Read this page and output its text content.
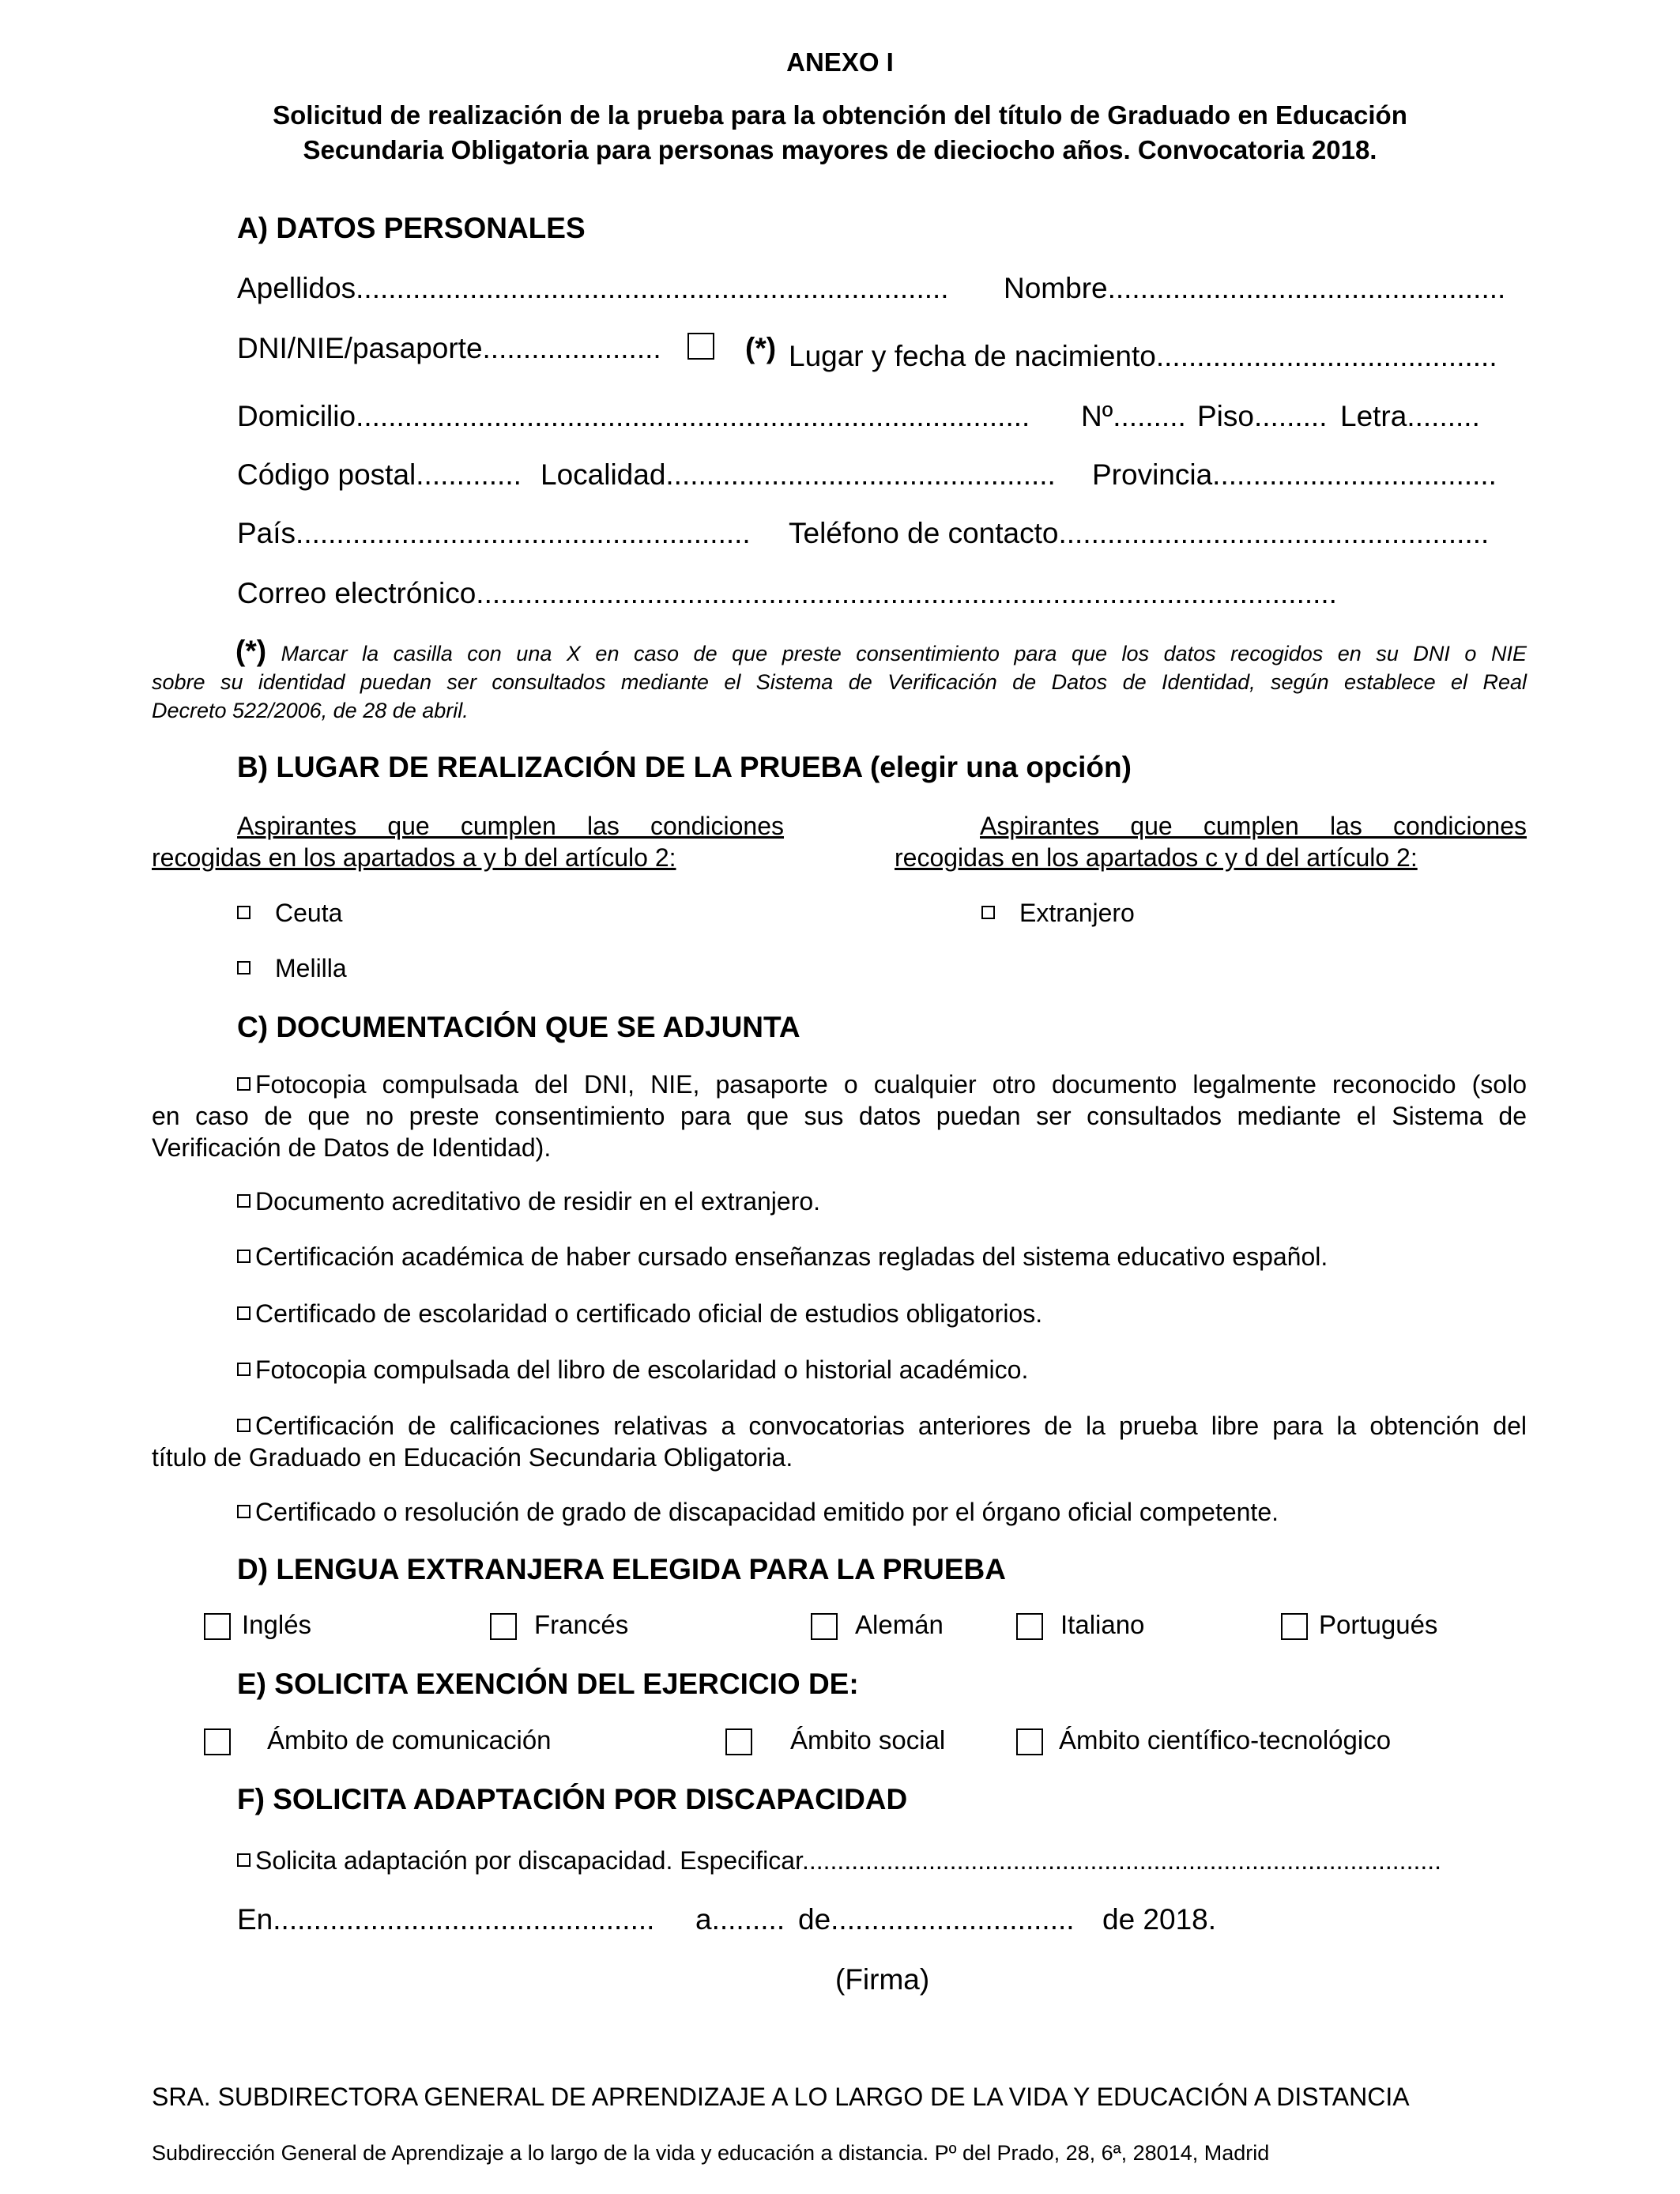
ANEXO I
Solicitud de realización de la prueba para la obtención del título de Graduado en Educación
Secundaria Obligatoria para personas mayores de dieciocho años. Convocatoria 2018.
A) DATOS PERSONALES
Apellidos......................................................................... Nombre.................................................
DNI/NIE/pasaporte......................	(*) Lugar y fecha de nacimiento..........................................
Domicilio................................................................................... Nº......... Piso......... Letra.........
Código postal............. Localidad................................................ Provincia...................................
País........................................................ Teléfono de contacto.....................................................
Correo electrónico..........................................................................................................
(*) Marcar la casilla con una X en caso de que preste consentimiento para que los datos recogidos en su DNI o NIE
sobre su identidad puedan ser consultados mediante el Sistema de Verificación de Datos de Identidad, según establece el Real
Decreto 522/2006, de 28 de abril.
B) LUGAR DE REALIZACIÓN DE LA PRUEBA (elegir una opción)
Aspirantes que cumplen las condiciones
recogidas en los apartados a y b del artículo 2:
Aspirantes que cumplen las condiciones
recogidas en los apartados c y d del artículo 2:
Ceuta
Melilla
Extranjero
C) DOCUMENTACIÓN QUE SE ADJUNTA
Fotocopia compulsada del DNI, NIE, pasaporte o cualquier otro documento legalmente reconocido (solo
en caso de que no preste consentimiento para que sus datos puedan ser consultados mediante el Sistema de
Verificación de Datos de Identidad).
Documento acreditativo de residir en el extranjero.
Certificación académica de haber cursado enseñanzas regladas del sistema educativo español.
Certificado de escolaridad o certificado oficial de estudios obligatorios.
Fotocopia compulsada del libro de escolaridad o historial académico.
Certificación de calificaciones relativas a convocatorias anteriores de la prueba libre para la obtención del
título de Graduado en Educación Secundaria Obligatoria.
Certificado o resolución de grado de discapacidad emitido por el órgano oficial competente.
D) LENGUA EXTRANJERA ELEGIDA PARA LA PRUEBA
Inglés	Francés	Alemán	Italiano	Portugués
E) SOLICITA EXENCIÓN DEL EJERCICIO DE:
Ámbito de comunicación	Ámbito social	Ámbito científico-tecnológico
F) SOLICITA ADAPTACIÓN POR DISCAPACIDAD
Solicita adaptación por discapacidad. Especificar...........................................................................................
En............................................... a......... de.............................. de 2018.
(Firma)
SRA. SUBDIRECTORA GENERAL DE APRENDIZAJE A LO LARGO DE LA VIDA Y EDUCACIÓN A DISTANCIA
Subdirección General de Aprendizaje a lo largo de la vida y educación a distancia. Pº del Prado, 28, 6ª, 28014, Madrid
